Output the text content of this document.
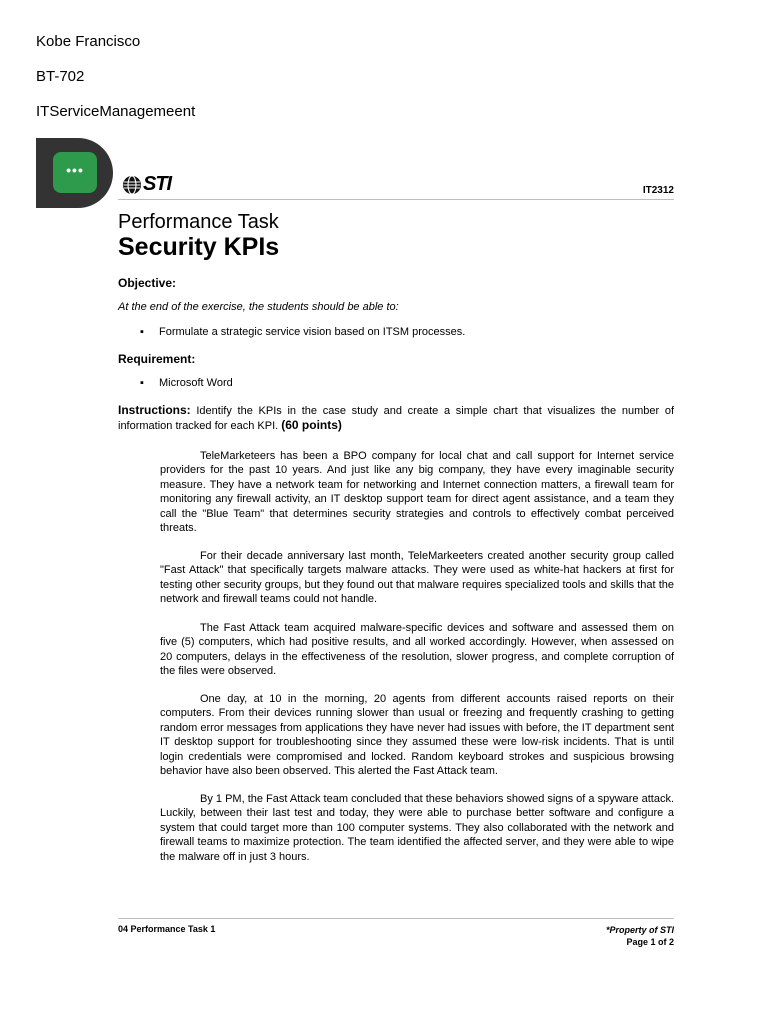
Kobe Francisco
BT-702
ITServiceManagemeent
•••
STI	IT2312
Performance Task
Security KPIs
Objective:
At the end of the exercise, the students should be able to:
▪ Formulate a strategic service vision based on ITSM processes.
Requirement:
▪ Microsoft Word
Instructions: Identify the KPIs in the case study and create a simple chart that visualizes the number of information tracked for each KPI. (60 points)

TeleMarketeers has been a BPO company for local chat and call support for Internet service providers for the past 10 years. And just like any big company, they have every imaginable security measure. They have a network team for networking and Internet connection matters, a firewall team for monitoring any firewall activity, an IT desktop support team for direct agent assistance, and a team they call the "Blue Team" that determines security strategies and controls to effectively combat perceived threats.

For their decade anniversary last month, TeleMarkeeters created another security group called "Fast Attack" that specifically targets malware attacks. They were used as white-hat hackers at first for testing other security groups, but they found out that malware requires specialized tools and skills that the network and firewall teams could not handle.

The Fast Attack team acquired malware-specific devices and software and assessed them on five (5) computers, which had positive results, and all worked accordingly. However, when assessed on 20 computers, delays in the effectiveness of the resolution, slower progress, and complete corruption of the files were observed.

One day, at 10 in the morning, 20 agents from different accounts raised reports on their computers. From their devices running slower than usual or freezing and frequently crashing to getting random error messages from applications they have never had issues with before, the IT department sent IT desktop support for troubleshooting since they assumed these were low-risk incidents. That is until login credentials were compromised and locked. Random keyboard strokes and suspicious browsing behavior have also been observed. This alerted the Fast Attack team.

By 1 PM, the Fast Attack team concluded that these behaviors showed signs of a spyware attack. Luckily, between their last test and today, they were able to purchase better software and configure a system that could target more than 100 computer systems. They also collaborated with the network and firewall teams to maximize protection. The team identified the affected server, and they were able to wipe the malware off in just 3 hours.

04 Performance Task 1	*Property of STI
Page 1 of 2
